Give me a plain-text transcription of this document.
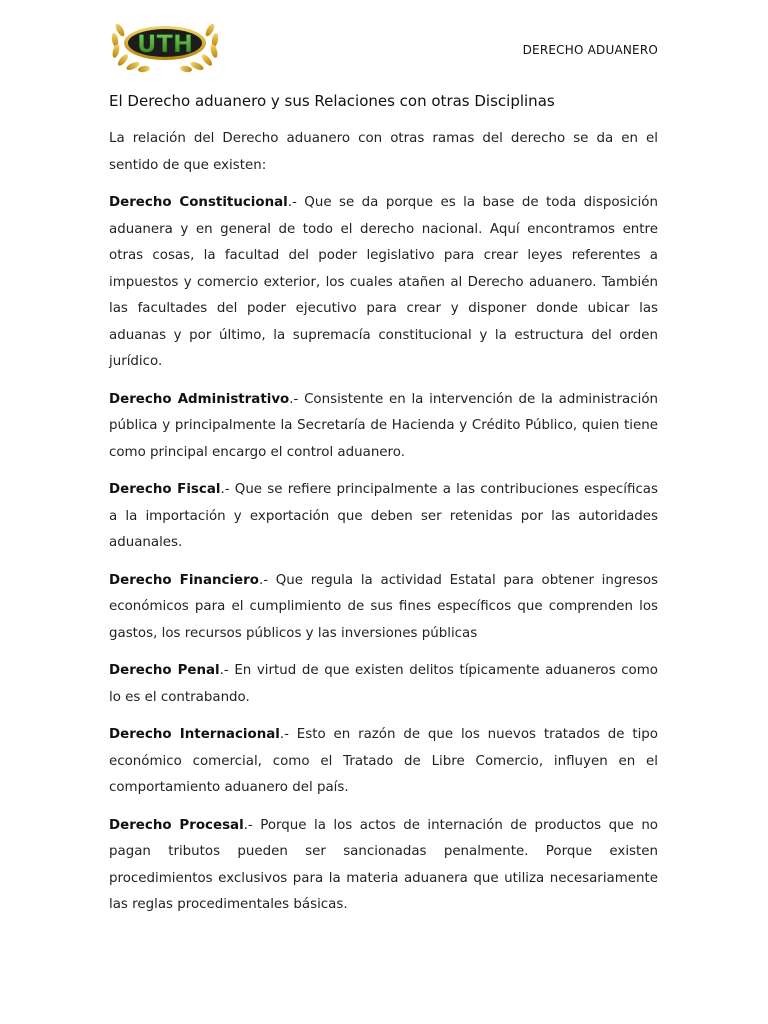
UTH	DERECHO ADUANERO
El Derecho aduanero y sus Relaciones con otras Disciplinas

La relación del Derecho aduanero con otras ramas del derecho se da en el sentido de que existen:

Derecho Constitucional.- Que se da porque es la base de toda disposición aduanera y en general de todo el derecho nacional. Aquí encontramos entre otras cosas, la facultad del poder legislativo para crear leyes referentes a impuestos y comercio exterior, los cuales atañen al Derecho aduanero. También las facultades del poder ejecutivo para crear y disponer donde ubicar las aduanas y por último, la supremacía constitucional y la estructura del orden jurídico.

Derecho Administrativo.- Consistente en la intervención de la administración pública y principalmente la Secretaría de Hacienda y Crédito Público, quien tiene como principal encargo el control aduanero.

Derecho Fiscal.- Que se refiere principalmente a las contribuciones específicas a la importación y exportación que deben ser retenidas por las autoridades aduanales.

Derecho Financiero.- Que regula la actividad Estatal para obtener ingresos económicos para el cumplimiento de sus fines específicos que comprenden los gastos, los recursos públicos y las inversiones públicas

Derecho Penal.- En virtud de que existen delitos típicamente aduaneros como lo es el contrabando.

Derecho Internacional.- Esto en razón de que los nuevos tratados de tipo económico comercial, como el Tratado de Libre Comercio, influyen en el comportamiento aduanero del país.

Derecho Procesal.- Porque la los actos de internación de productos que no pagan tributos pueden ser sancionadas penalmente. Porque existen procedimientos exclusivos para la materia aduanera que utiliza necesariamente las reglas procedimentales básicas.
